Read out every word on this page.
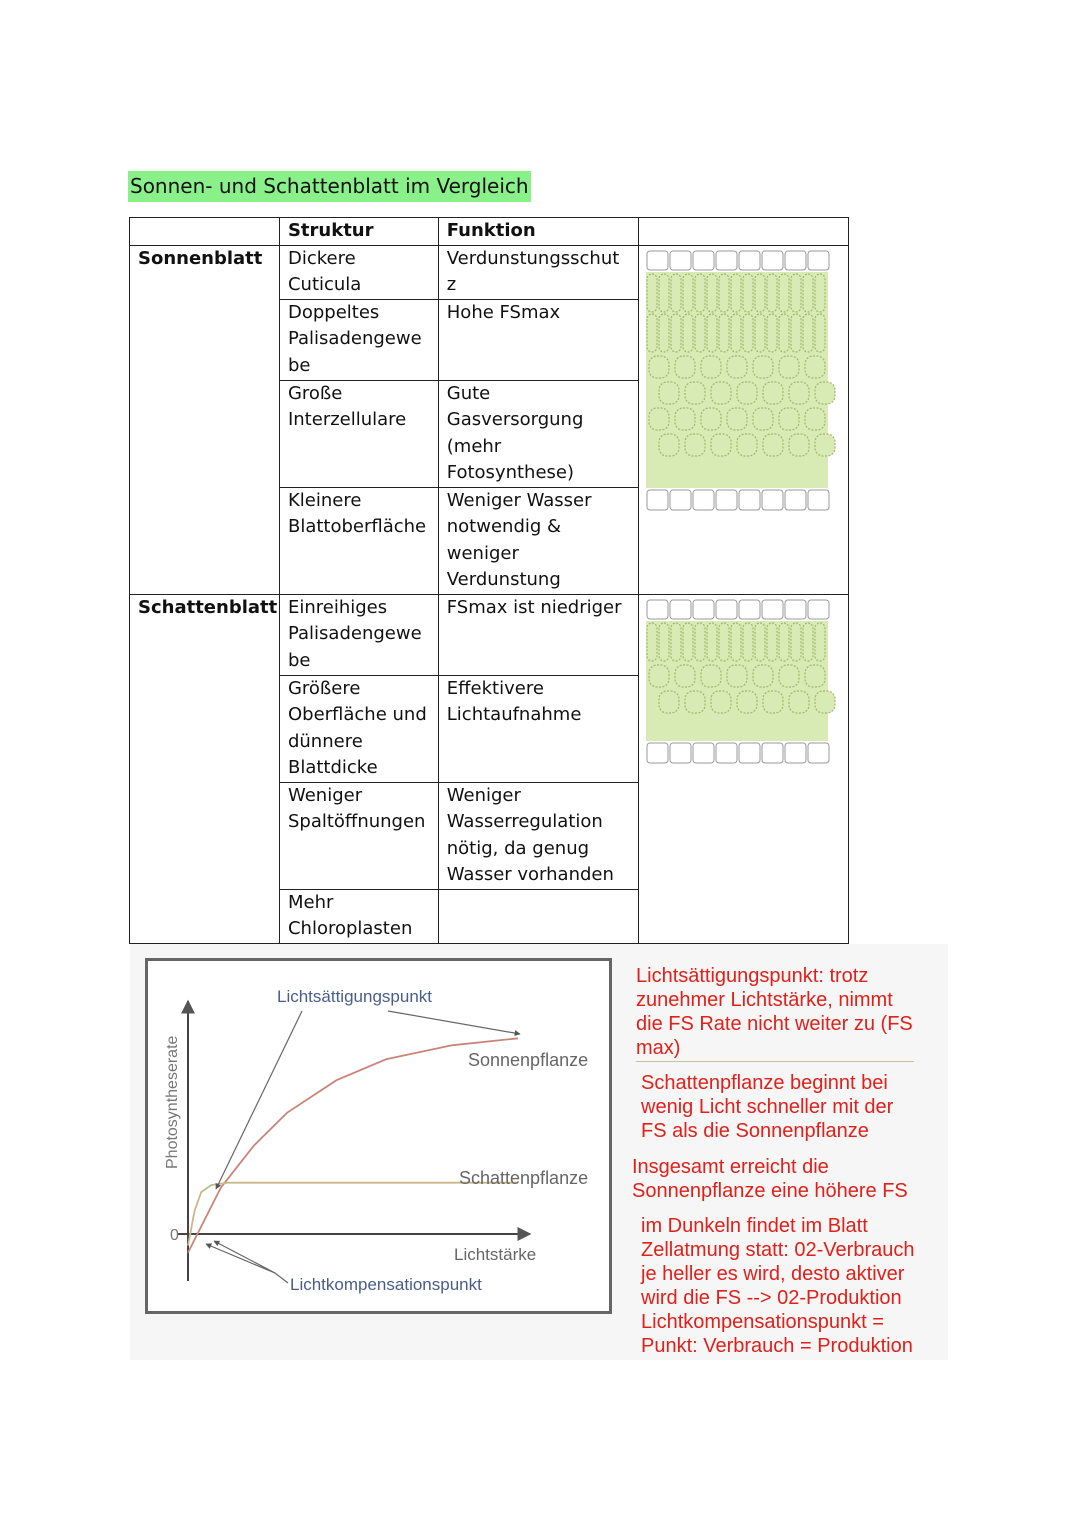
Sonnen- und Schattenblatt im Vergleich
	Struktur	Funktion	
Sonnenblatt	Dickere Cuticula	Verdunstungsschut z	

	Doppeltes Palisadengewe be	Hohe FSmax	
	Große Interzellulare	Gute Gasversorgung (mehr Fotosynthese)	
	Kleinere Blattoberfläche	Weniger Wasser notwendig & weniger Verdunstung	
Schattenblatt	Einreihiges Palisadengewe be	FSmax ist niedriger	

	Größere Oberfläche und dünnere Blattdicke	Effektivere Lichtaufnahme	
	Weniger Spaltöffnungen	Weniger Wasserregulation nötig, da genug Wasser vorhanden	
	Mehr Chloroplasten		
Photosyntheserate
0
Lichtstärke
Sonnenpflanze
Schattenpflanze
Lichtsättigungspunkt
Lichtkompensationspunkt
Lichtsättigungspunkt: trotz
zunehmer Lichtstärke, nimmt
die FS Rate nicht weiter zu (FS
max)
Schattenpflanze beginnt bei
wenig Licht schneller mit der
FS als die Sonnenpflanze
Insgesamt erreicht die
Sonnenpflanze eine höhere FS
im Dunkeln findet im Blatt
Zellatmung statt: 02-Verbrauch
je heller es wird, desto aktiver
wird die FS --> 02-Produktion
Lichtkompensationspunkt =
Punkt: Verbrauch = Produktion
